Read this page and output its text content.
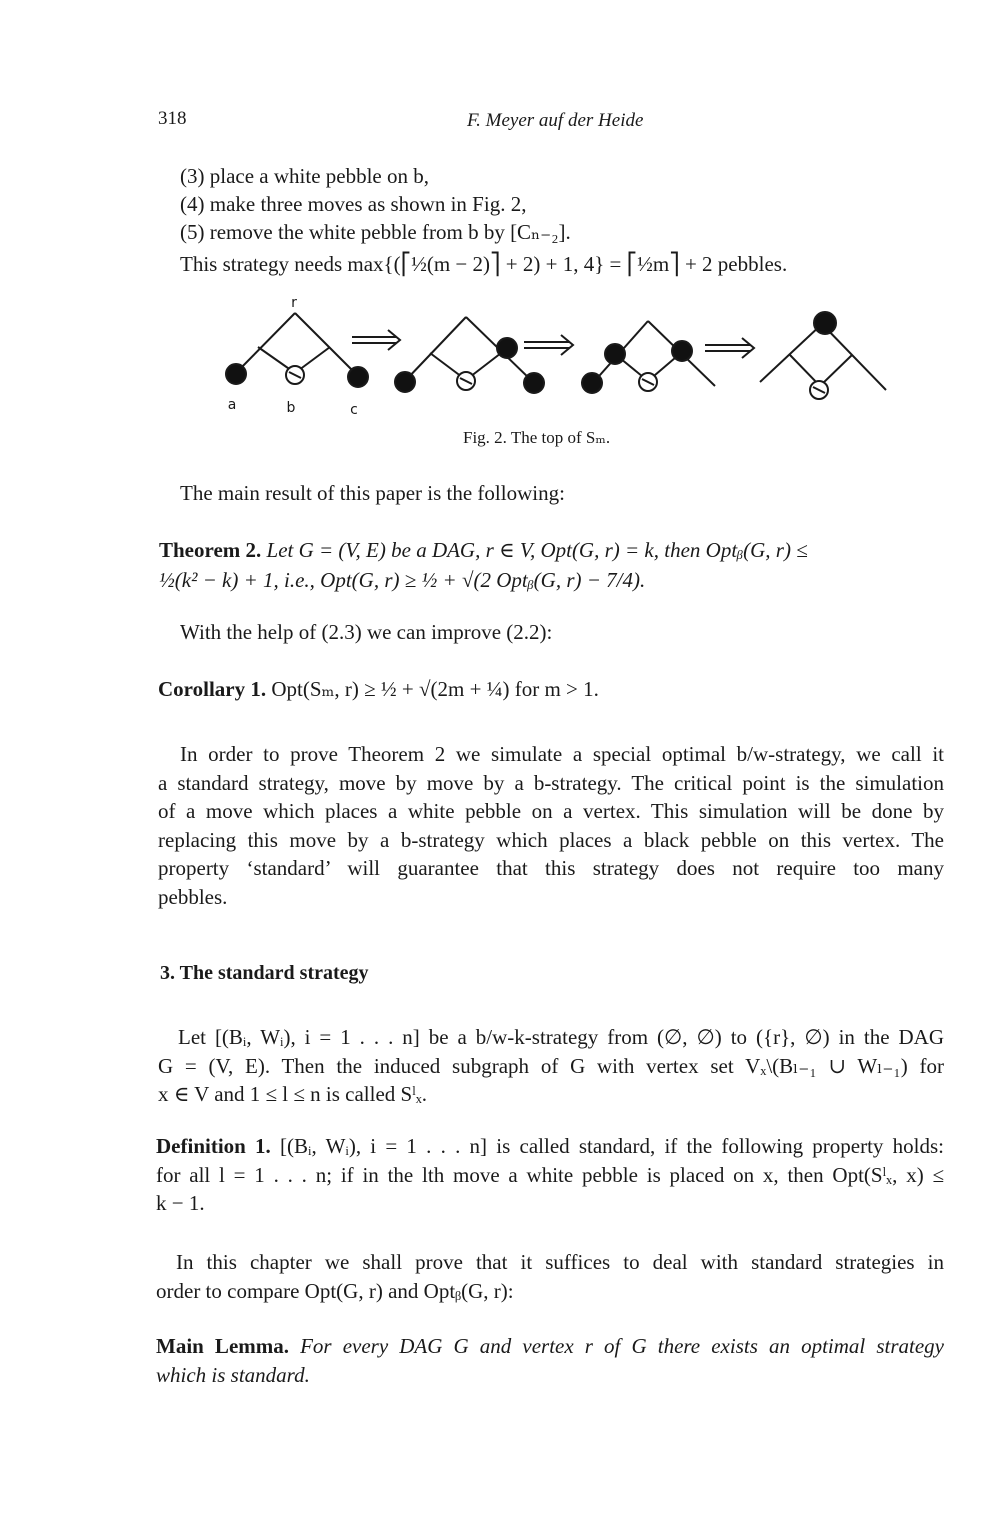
318	F. Meyer auf der Heide
(3) place a white pebble on b,
(4) make three moves as shown in Fig. 2,
(5) remove the white pebble from b by [Cₙ₋₂].
This strategy needs max{(⎡½(m − 2)⎤ + 2) + 1, 4} = ⎡½m⎤ + 2 pebbles.
r
a	b	c
Fig. 2. The top of Sₘ.
The main result of this paper is the following:
Theorem 2. Let G = (V, E) be a DAG, r ∈ V, Opt(G, r) = k, then Optᵦ(G, r) ≤
½(k² − k) + 1, i.e., Opt(G, r) ≥ ½ + √(2 Optᵦ(G, r) − 7/4).
With the help of (2.3) we can improve (2.2):
Corollary 1. Opt(Sₘ, r) ≥ ½ + √(2m + ¼) for m > 1.
In order to prove Theorem 2 we simulate a special optimal b/w-strategy, we call it
a standard strategy, move by move by a b-strategy. The critical point is the simulation
of a move which places a white pebble on a vertex. This simulation will be done by
replacing this move by a b-strategy which places a black pebble on this vertex. The
property ‘standard’ will guarantee that this strategy does not require too many
pebbles.
3. The standard strategy
Let [(Bᵢ, Wᵢ), i = 1 . . . n] be a b/w-k-strategy from (∅, ∅) to ({r}, ∅) in the DAG
G = (V, E). Then the induced subgraph of G with vertex set Vₓ\(Bₗ₋₁ ∪ Wₗ₋₁) for
x ∈ V and 1 ≤ l ≤ n is called Sˡₓ.
Definition 1. [(Bᵢ, Wᵢ), i = 1 . . . n] is called standard, if the following property holds:
for all l = 1 . . . n; if in the lth move a white pebble is placed on x, then Opt(Sˡₓ, x) ≤
k − 1.
In this chapter we shall prove that it suffices to deal with standard strategies in
order to compare Opt(G, r) and Optᵦ(G, r):
Main Lemma. For every DAG G and vertex r of G there exists an optimal strategy
which is standard.
